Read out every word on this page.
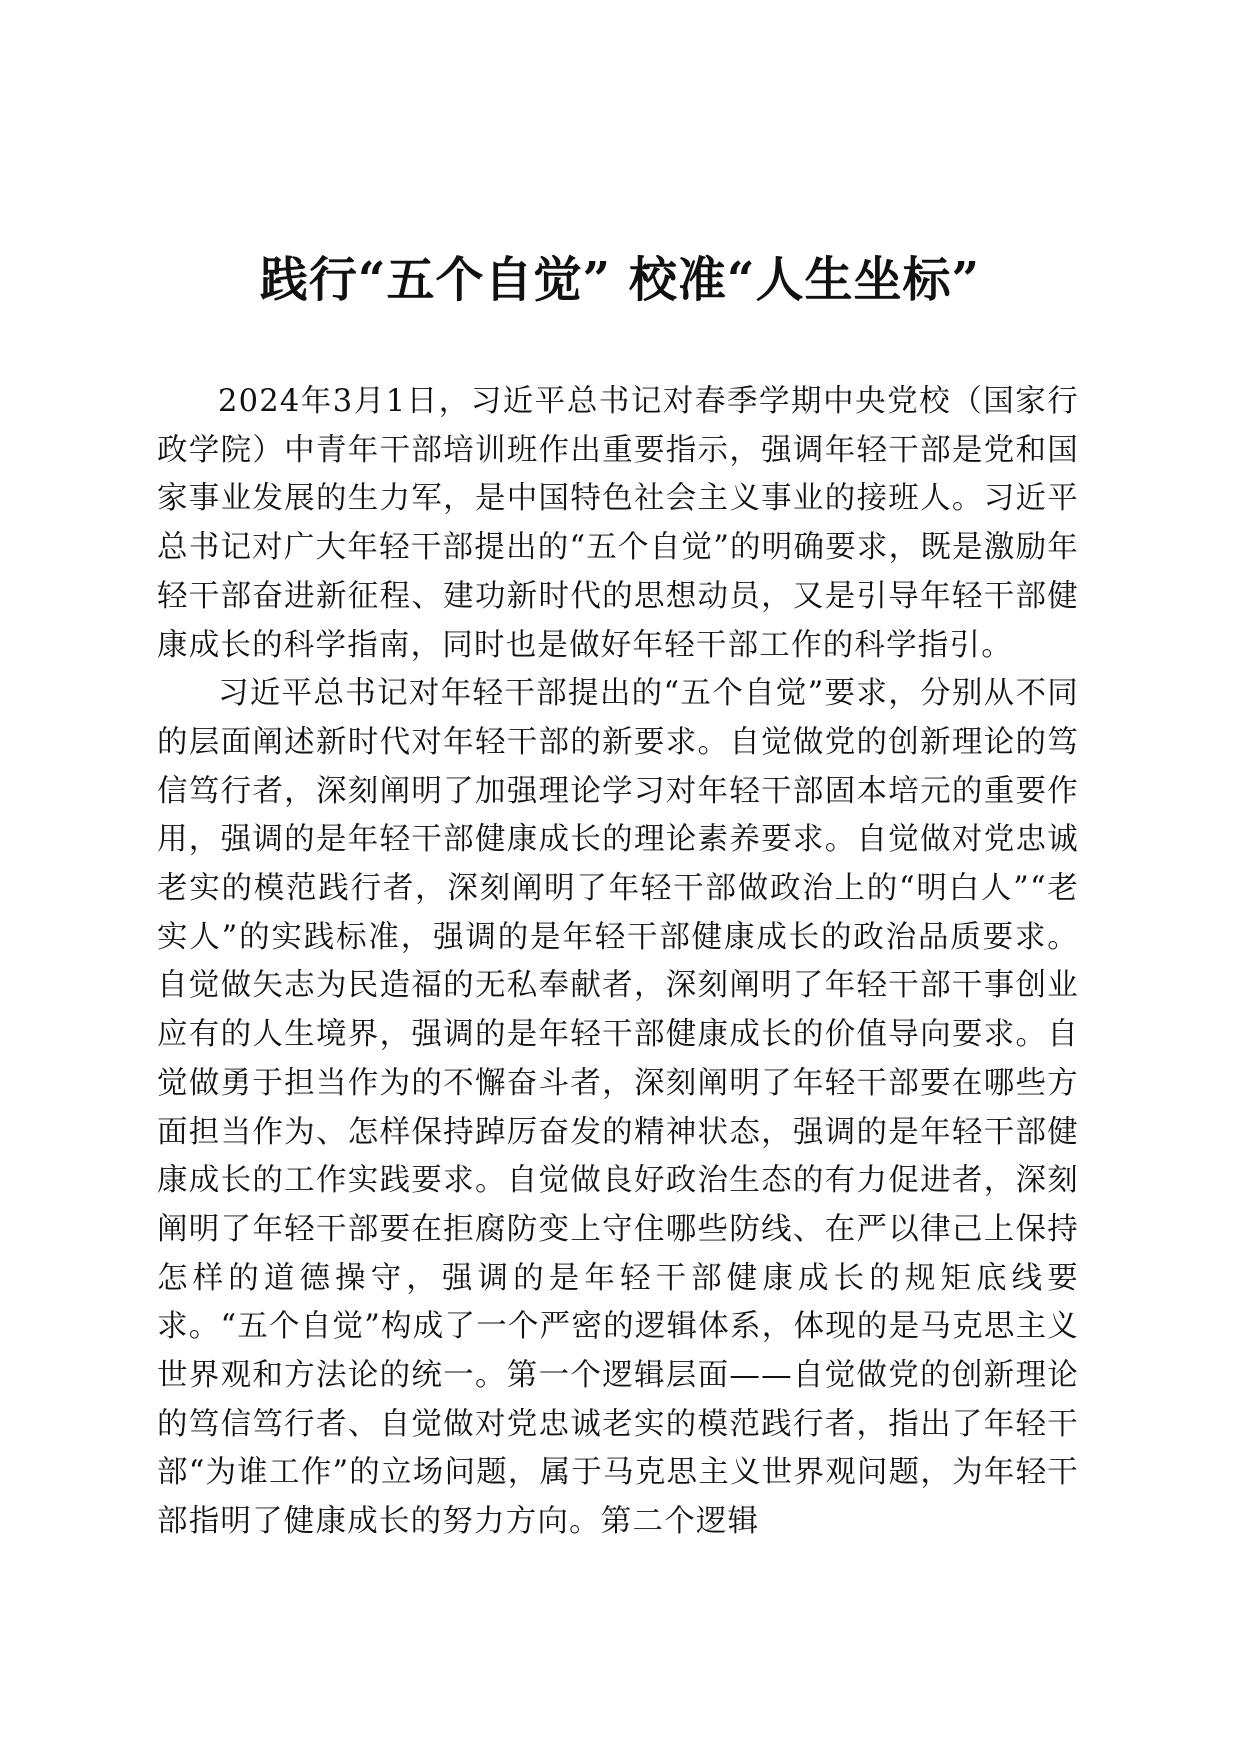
践行“五个自觉” 校准“人生坐标”

2024年3月1日，习近平总书记对春季学期中央党校（国家行政学院）中青年干部培训班作出重要指示，强调年轻干部是党和国家事业发展的生力军，是中国特色社会主义事业的接班人。习近平总书记对广大年轻干部提出的“五个自觉”的明确要求，既是激励年轻干部奋进新征程、建功新时代的思想动员，又是引导年轻干部健康成长的科学指南，同时也是做好年轻干部工作的科学指引。

习近平总书记对年轻干部提出的“五个自觉”要求，分别从不同的层面阐述新时代对年轻干部的新要求。自觉做党的创新理论的笃信笃行者，深刻阐明了加强理论学习对年轻干部固本培元的重要作用，强调的是年轻干部健康成长的理论素养要求。自觉做对党忠诚老实的模范践行者，深刻阐明了年轻干部做政治上的“明白人”“老实人”的实践标准，强调的是年轻干部健康成长的政治品质要求。自觉做矢志为民造福的无私奉献者，深刻阐明了年轻干部干事创业应有的人生境界，强调的是年轻干部健康成长的价值导向要求。自觉做勇于担当作为的不懈奋斗者，深刻阐明了年轻干部要在哪些方面担当作为、怎样保持踔厉奋发的精神状态，强调的是年轻干部健康成长的工作实践要求。自觉做良好政治生态的有力促进者，深刻阐明了年轻干部要在拒腐防变上守住哪些防线、在严以律己上保持怎样的道德操守，强调的是年轻干部健康成长的规矩底线要求。“五个自觉”构成了一个严密的逻辑体系，体现的是马克思主义世界观和方法论的统一。第一个逻辑层面——自觉做党的创新理论的笃信笃行者、自觉做对党忠诚老实的模范践行者，指出了年轻干部“为谁工作”的立场问题，属于马克思主义世界观问题，为年轻干部指明了健康成长的努力方向。第二个逻辑
